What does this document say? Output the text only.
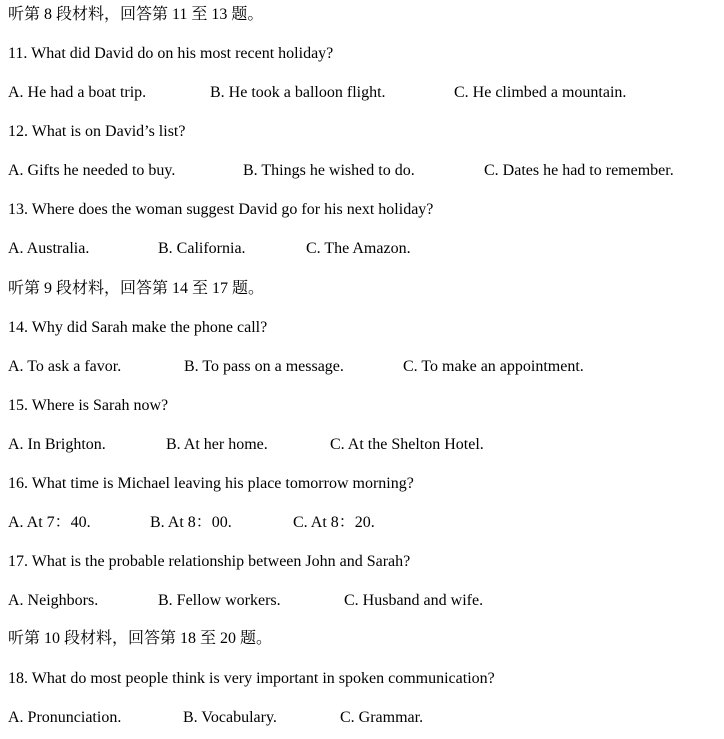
听第 8 段材料，回答第 11 至 13 题。
11. What did David do on his most recent holiday?
A. He had a boat trip.	B. He took a balloon flight.	C. He climbed a mountain.
12. What is on David’s list?
A. Gifts he needed to buy.	B. Things he wished to do.	C. Dates he had to remember.
13. Where does the woman suggest David go for his next holiday?
A. Australia.	B. California.	C. The Amazon.
听第 9 段材料，回答第 14 至 17 题。
14. Why did Sarah make the phone call?
A. To ask a favor.	B. To pass on a message.	C. To make an appointment.
15. Where is Sarah now?
A. In Brighton.	B. At her home.	C. At the Shelton Hotel.
16. What time is Michael leaving his place tomorrow morning?
A. At 7：40.	B. At 8：00.	C. At 8：20.
17. What is the probable relationship between John and Sarah?
A. Neighbors.	B. Fellow workers.	C. Husband and wife.
听第 10 段材料，回答第 18 至 20 题。
18. What do most people think is very important in spoken communication?
A. Pronunciation.	B. Vocabulary.	C. Grammar.
